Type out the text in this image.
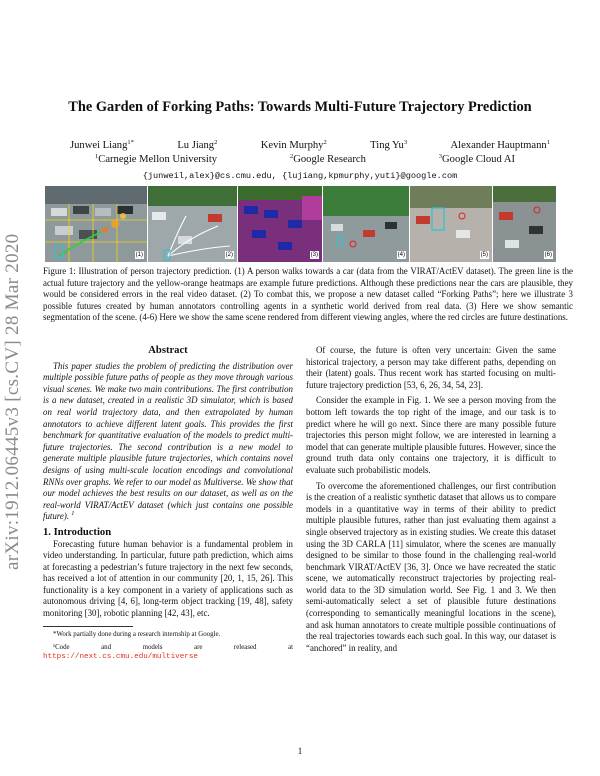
arXiv:1912.06445v3 [cs.CV] 28 Mar 2020
The Garden of Forking Paths: Towards Multi-Future Trajectory Prediction
Junwei Liang$^{1*}$	Lu Jiang$^2$	Kevin Murphy$^2$	Ting Yu$^3$	Alexander Hauptmann$^1$
$^1$Carnegie Mellon University	$^2$Google Research	$^3$Google Cloud AI
{junweil,alex}@cs.cmu.edu, {lujiang,kpmurphy,yuti}@google.com
(1)	(2)	(3)	(4)	(5)	(6)
Figure 1: Illustration of person trajectory prediction. (1) A person walks towards a car (data from the VIRAT/ActEV dataset). The green line is the actual future trajectory and the yellow-orange heatmaps are example future predictions. Although these predictions near the cars are plausible, they would be considered errors in the real video dataset. (2) To combat this, we propose a new dataset called “Forking Paths”; here we illustrate 3 possible futures created by human annotators controlling agents in a synthetic world derived from real data. (3) Here we show semantic segmentation of the scene. (4-6) Here we show the same scene rendered from different viewing angles, where the red circles are future destinations.
Abstract

This paper studies the problem of predicting the distribution over multiple possible future paths of people as they move through various visual scenes. We make two main contributions. The first contribution is a new dataset, created in a realistic 3D simulator, which is based on real world trajectory data, and then extrapolated by human annotators to achieve different latent goals. This provides the first benchmark for quantitative evaluation of the models to predict multi-future trajectories. The second contribution is a new model to generate multiple plausible future trajectories, which contains novel designs of using multi-scale location encodings and convolutional RNNs over graphs. We refer to our model as Multiverse. We show that our model achieves the best results on our dataset, as well as on the real-world VIRAT/ActEV dataset (which just contains one possible future). $^1$

1. Introduction

Forecasting future human behavior is a fundamental problem in video understanding. In particular, future path prediction, which aims at forecasting a pedestrian’s future trajectory in the next few seconds, has received a lot of attention in our community [20, 1, 15, 26]. This functionality is a key component in a variety of applications such as autonomous driving [4, 6], long-term object tracking [19, 48], safety monitoring [30], robotic planning [42, 43], etc.

*Work partially done during a research internship at Google.

¹Code and models are released at https://next.cs.cmu.edu/multiverse

Of course, the future is often very uncertain: Given the same historical trajectory, a person may take different paths, depending on their (latent) goals. Thus recent work has started focusing on multi-future trajectory prediction [53, 6, 26, 34, 54, 23].

Consider the example in Fig. 1. We see a person moving from the bottom left towards the top right of the image, and our task is to predict where he will go next. Since there are many possible future trajectories this person might follow, we are interested in learning a model that can generate multiple plausible futures. However, since the ground truth data only contains one trajectory, it is difficult to evaluate such probabilistic models.

To overcome the aforementioned challenges, our first contribution is the creation of a realistic synthetic dataset that allows us to compare models in a quantitative way in terms of their ability to predict multiple plausible futures, rather than just evaluating them against a single observed trajectory as in existing studies. We create this dataset using the 3D CARLA [11] simulator, where the scenes are manually designed to be similar to those found in the challenging real-world benchmark VIRAT/ActEV [36, 3]. Once we have recreated the static scene, we automatically reconstruct trajectories by projecting real-world data to the 3D simulation world. See Fig. 1 and 3. We then semi-automatically select a set of plausible future destinations (corresponding to semantically meaningful locations in the scene), and ask human annotators to create multiple possible continuations of the real trajectories towards each such goal. In this way, our dataset is “anchored” in reality, and

1
